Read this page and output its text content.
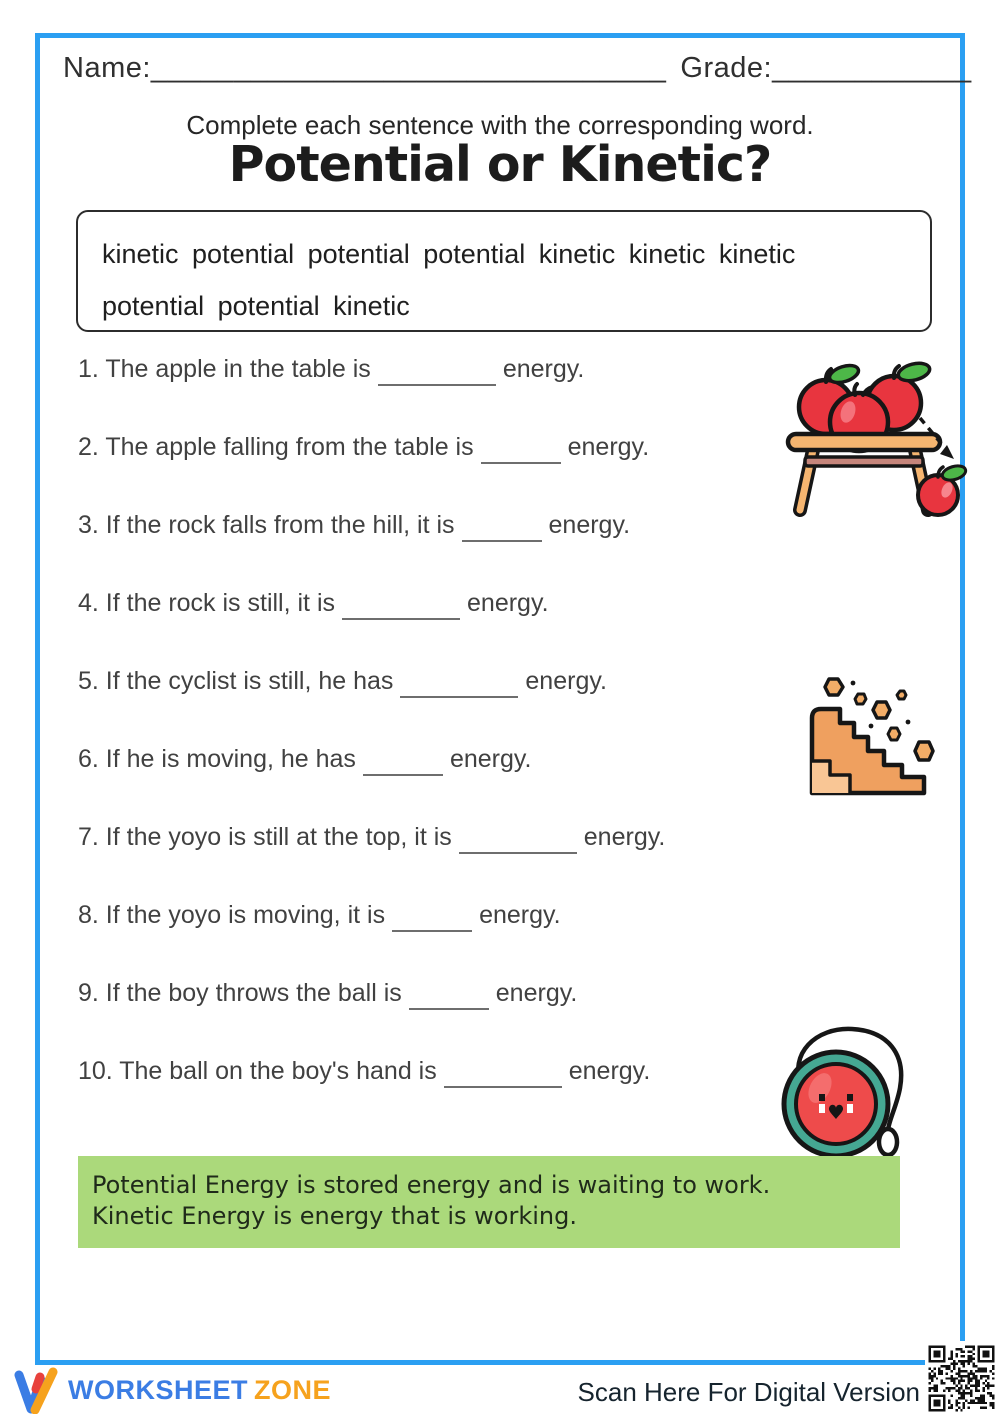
Name:_______________________________ Grade:____________
Complete each sentence with the corresponding word.
Potential or Kinetic?
kinetic potential potential potential kinetic kinetic kinetic
potential potential kinetic
1. The apple in the table is	energy.
2. The apple falling from the table is	energy.
3. If the rock falls from the hill, it is	energy.
4. If the rock is still, it is	energy.
5. If the cyclist is still, he has	energy.
6. If he is moving, he has	energy.
7. If the yoyo is still at the top, it is	energy.
8. If the yoyo is moving, it is	energy.
9. If the boy throws the ball is	energy.
10. The ball on the boy's hand is	energy.
Potential Energy is stored energy and is waiting to work.
Kinetic Energy is energy that is working.
WORKSHEET ZONE	Scan Here For Digital Version
